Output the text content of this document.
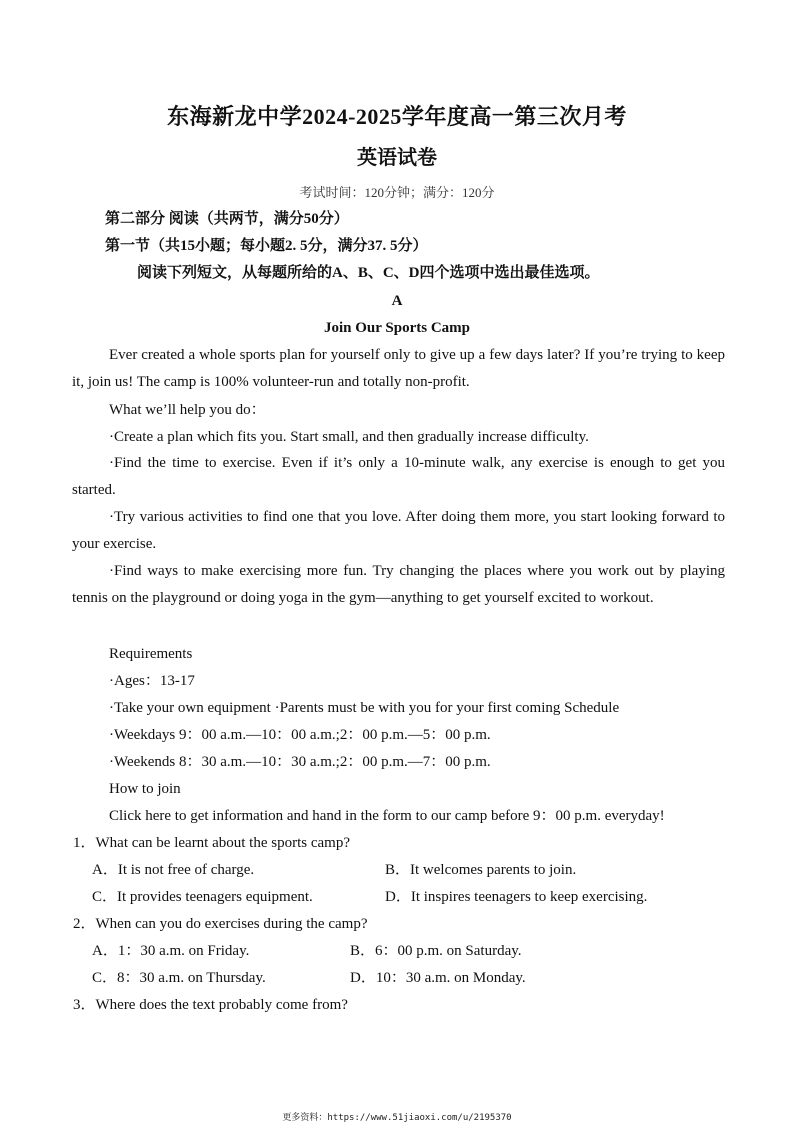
东海新龙中学2024-2025学年度高一第三次月考
英语试卷
考试时间：120分钟；满分：120分
第二部分 阅读（共两节，满分50分）
第一节（共15小题；每小题2. 5分，满分37. 5分）
阅读下列短文，从每题所给的A、B、C、D四个选项中选出最佳选项。
A
Join Our Sports Camp

Ever created a whole sports plan for yourself only to give up a few days later? If you’re trying to keep it, join us! The camp is 100% volunteer-run and totally non-profit.

What we’ll help you do：
·Create a plan which fits you. Start small, and then gradually increase difficulty.

·Find the time to exercise. Even if it’s only a 10-minute walk, any exercise is enough to get you started.

·Try various activities to find one that you love. After doing them more, you start looking forward to your exercise.

·Find ways to make exercising more fun. Try changing the places where you work out by playing tennis on the playground or doing yoga in the gym—anything to get yourself excited to workout.

Requirements
·Ages：13-17
·Take your own equipment ·Parents must be with you for your first coming Schedule
·Weekdays 9：00 a.m.—10：00 a.m.;2：00 p.m.—5：00 p.m.
·Weekends 8：30 a.m.—10：30 a.m.;2：00 p.m.—7：00 p.m.
How to join
Click here to get information and hand in the form to our camp before 9：00 p.m. everyday!
1．What can be learnt about the sports camp?
A．It is not free of charge.	B．It welcomes parents to join.
C．It provides teenagers equipment.	D．It inspires teenagers to keep exercising.
2．When can you do exercises during the camp?
A．1：30 a.m. on Friday.	B．6：00 p.m. on Saturday.
C．8：30 a.m. on Thursday.	D．10：30 a.m. on Monday.
3．Where does the text probably come from?
更多资料：https://www.51jiaoxi.com/u/2195370
